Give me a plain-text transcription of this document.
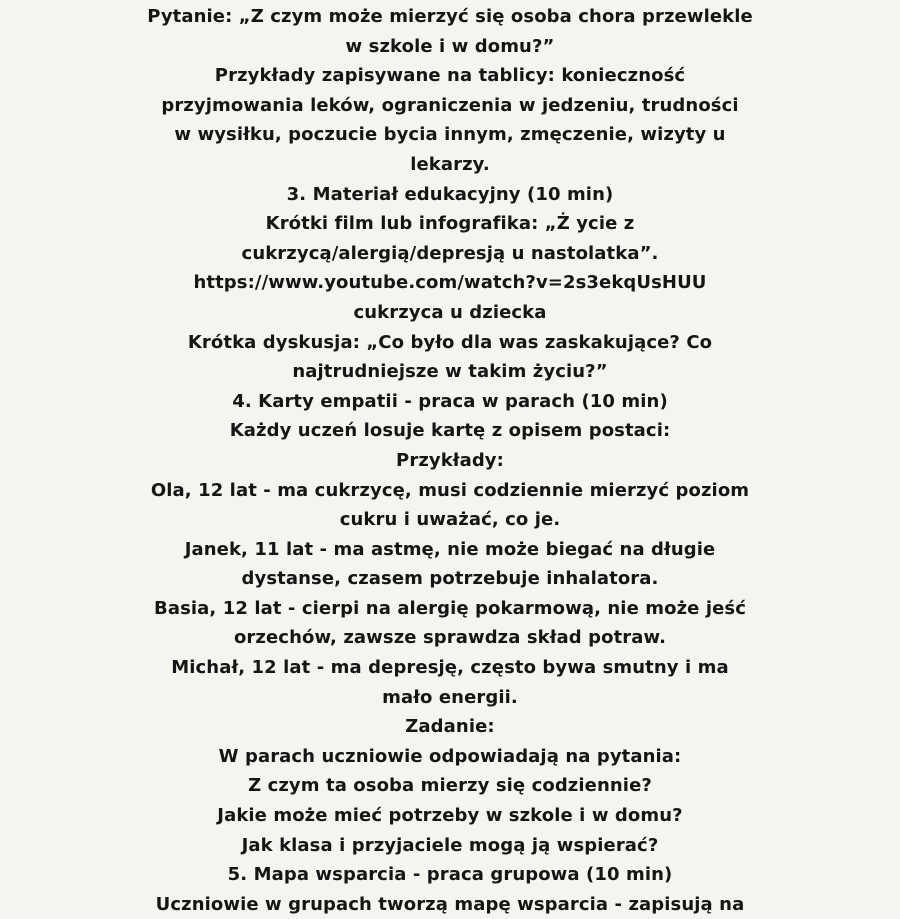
Pytanie: „Z czym może mierzyć się osoba chora przewlekle
w szkole i w domu?”
Przykłady zapisywane na tablicy: konieczność
przyjmowania leków, ograniczenia w jedzeniu, trudności
w wysiłku, poczucie bycia innym, zmęczenie, wizyty u
lekarzy.
3. Materiał edukacyjny (10 min)
Krótki film lub infografika: „Ż ycie z
cukrzycą/alergią/depresją u nastolatka”.
https://www.youtube.com/watch?v=2s3ekqUsHUU
cukrzyca u dziecka
Krótka dyskusja: „Co było dla was zaskakujące? Co
najtrudniejsze w takim życiu?”
4. Karty empatii - praca w parach (10 min)
Każdy uczeń losuje kartę z opisem postaci:
Przykłady:
Ola, 12 lat - ma cukrzycę, musi codziennie mierzyć poziom
cukru i uważać, co je.
Janek, 11 lat - ma astmę, nie może biegać na długie
dystanse, czasem potrzebuje inhalatora.
Basia, 12 lat - cierpi na alergię pokarmową, nie może jeść
orzechów, zawsze sprawdza skład potraw.
Michał, 12 lat - ma depresję, często bywa smutny i ma
mało energii.
Zadanie:
W parach uczniowie odpowiadają na pytania:
Z czym ta osoba mierzy się codziennie?
Jakie może mieć potrzeby w szkole i w domu?
Jak klasa i przyjaciele mogą ją wspierać?
5. Mapa wsparcia - praca grupowa (10 min)
Uczniowie w grupach tworzą mapę wsparcia - zapisują na
